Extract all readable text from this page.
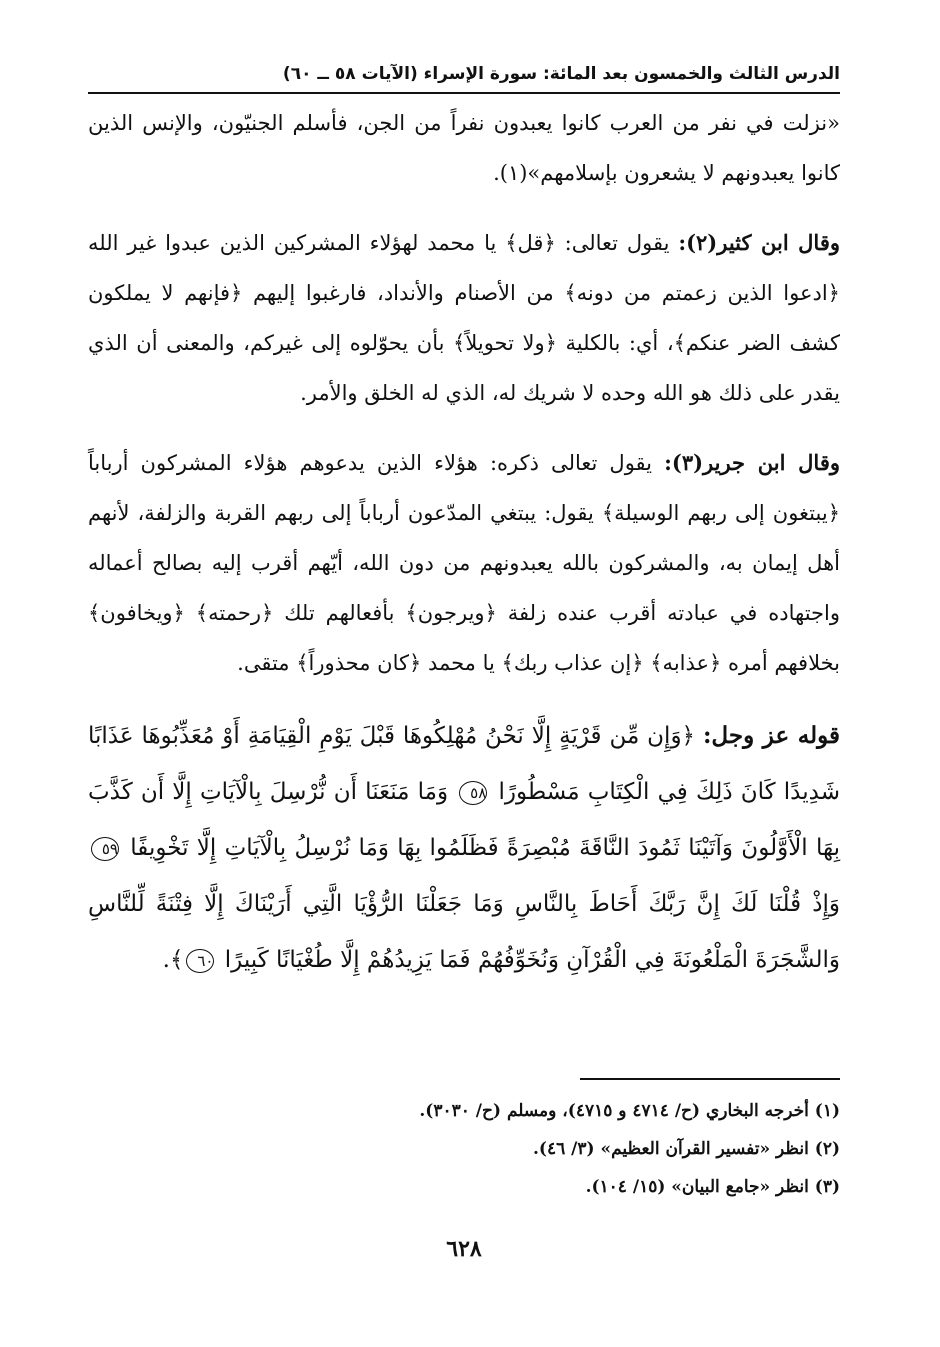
الدرس الثالث والخمسون بعد المائة: سورة الإسراء (الآيات ٥٨ ــ ٦٠)

«نزلت في نفر من العرب كانوا يعبدون نفراً من الجن، فأسلم الجنيّون، والإنس الذين كانوا يعبدونهم لا يشعرون بإسلامهم»(١).

وقال ابن كثير(٢): يقول تعالى: ﴿قل﴾ يا محمد لهؤلاء المشركين الذين عبدوا غير الله ﴿ادعوا الذين زعمتم من دونه﴾ من الأصنام والأنداد، فارغبوا إليهم ﴿فإنهم لا يملكون كشف الضر عنكم﴾، أي: بالكلية ﴿ولا تحويلاً﴾ بأن يحوّلوه إلى غيركم، والمعنى أن الذي يقدر على ذلك هو الله وحده لا شريك له، الذي له الخلق والأمر.

وقال ابن جرير(٣): يقول تعالى ذكره: هؤلاء الذين يدعوهم هؤلاء المشركون أرباباً ﴿يبتغون إلى ربهم الوسيلة﴾ يقول: يبتغي المدّعون أرباباً إلى ربهم القربة والزلفة، لأنهم أهل إيمان به، والمشركون بالله يعبدونهم من دون الله، أيّهم أقرب إليه بصالح أعماله واجتهاده في عبادته أقرب عنده زلفة ﴿ويرجون﴾ بأفعالهم تلك ﴿رحمته﴾ ﴿ويخافون﴾ بخلافهم أمره ﴿عذابه﴾ ﴿إن عذاب ربك﴾ يا محمد ﴿كان محذوراً﴾ متقى.

قوله عز وجل: ﴿وَإِن مِّن قَرْيَةٍ إِلَّا نَحْنُ مُهْلِكُوهَا قَبْلَ يَوْمِ الْقِيَامَةِ أَوْ مُعَذِّبُوهَا عَذَابًا شَدِيدًا كَانَ ذَلِكَ فِي الْكِتَابِ مَسْطُورًا ٥٨ وَمَا مَنَعَنَا أَن نُّرْسِلَ بِالْآيَاتِ إِلَّا أَن كَذَّبَ بِهَا الْأَوَّلُونَ وَآتَيْنَا ثَمُودَ النَّاقَةَ مُبْصِرَةً فَظَلَمُوا بِهَا وَمَا نُرْسِلُ بِالْآيَاتِ إِلَّا تَخْوِيفًا ٥٩ وَإِذْ قُلْنَا لَكَ إِنَّ رَبَّكَ أَحَاطَ بِالنَّاسِ وَمَا جَعَلْنَا الرُّؤْيَا الَّتِي أَرَيْنَاكَ إِلَّا فِتْنَةً لِّلنَّاسِ وَالشَّجَرَةَ الْمَلْعُونَةَ فِي الْقُرْآنِ وَنُخَوِّفُهُمْ فَمَا يَزِيدُهُمْ إِلَّا طُغْيَانًا كَبِيرًا ٦٠﴾.

(١) أخرجه البخاري (ح/ ٤٧١٤ و ٤٧١٥)، ومسلم (ح/ ٣٠٣٠).
(٢) انظر «تفسير القرآن العظيم» (٣/ ٤٦).
(٣) انظر «جامع البيان» (١٥/ ١٠٤).
٦٢٨
